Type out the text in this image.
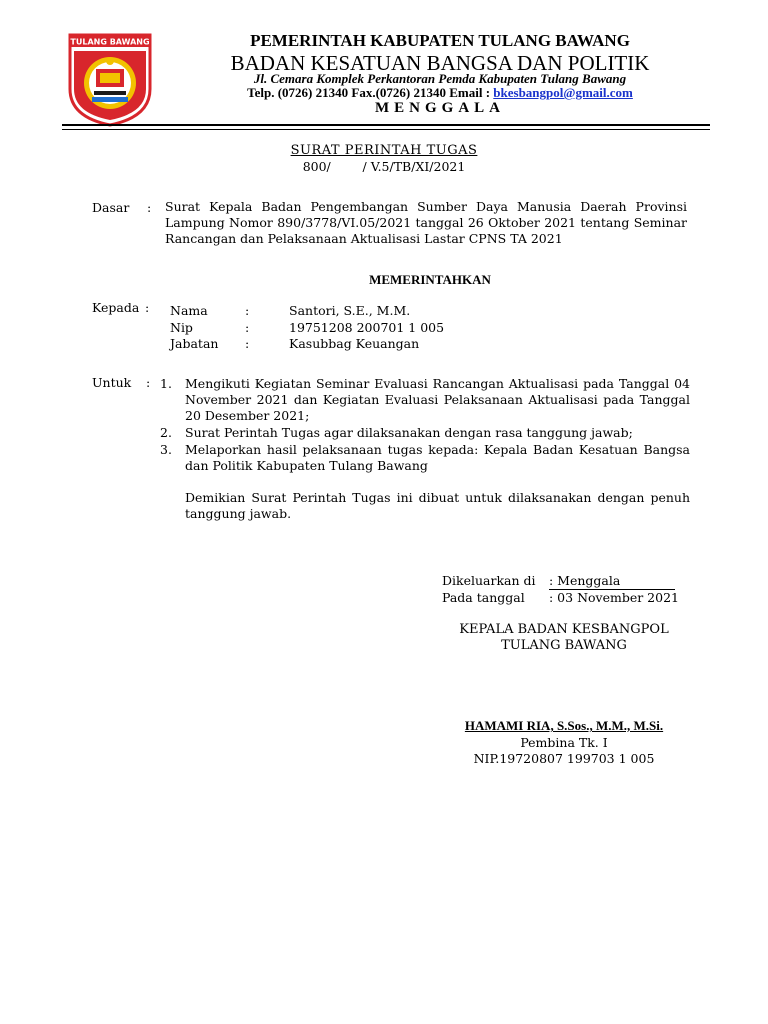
TULANG BAWANG	PEMERINTAH KABUPATEN TULANG BAWANG
BADAN KESATUAN BANGSA DAN POLITIK
Jl. Cemara Komplek Perkantoran Pemda Kabupaten Tulang Bawang
Telp. (0726) 21340 Fax.(0726) 21340 Email : bkesbangpol@gmail.com
MENGGALA
SURAT PERINTAH TUGAS
800/        / V.5/TB/XI/2021
Dasar : Surat Kepala Badan Pengembangan Sumber Daya Manusia Daerah Provinsi Lampung Nomor 890/3778/VI.05/2021 tanggal 26 Oktober 2021 tentang Seminar Rancangan dan Pelaksanaan Aktualisasi Lastar CPNS TA 2021
MEMERINTAHKAN
Kepada : Nama	:	Santori, S.E., M.M.
Nip	:	19751208 200701 1 005
Jabatan :	Kasubbag Keuangan
Untuk : 1. Mengikuti Kegiatan Seminar Evaluasi Rancangan Aktualisasi pada Tanggal 04 November 2021 dan Kegiatan Evaluasi Pelaksanaan Aktualisasi pada Tanggal 20 Desember 2021;
2. Surat Perintah Tugas agar dilaksanakan dengan rasa tanggung jawab;
3. Melaporkan hasil pelaksanaan tugas kepada: Kepala Badan Kesatuan Bangsa dan Politik Kabupaten Tulang Bawang
Demikian Surat Perintah Tugas ini dibuat untuk dilaksanakan dengan penuh tanggung jawab.
Dikeluarkan di : Menggala
Pada tanggal : 03 November 2021
KEPALA BADAN KESBANGPOL
TULANG BAWANG
HAMAMI RIA, S.Sos., M.M., M.Si.
Pembina Tk. I
NIP.19720807 199703 1 005
